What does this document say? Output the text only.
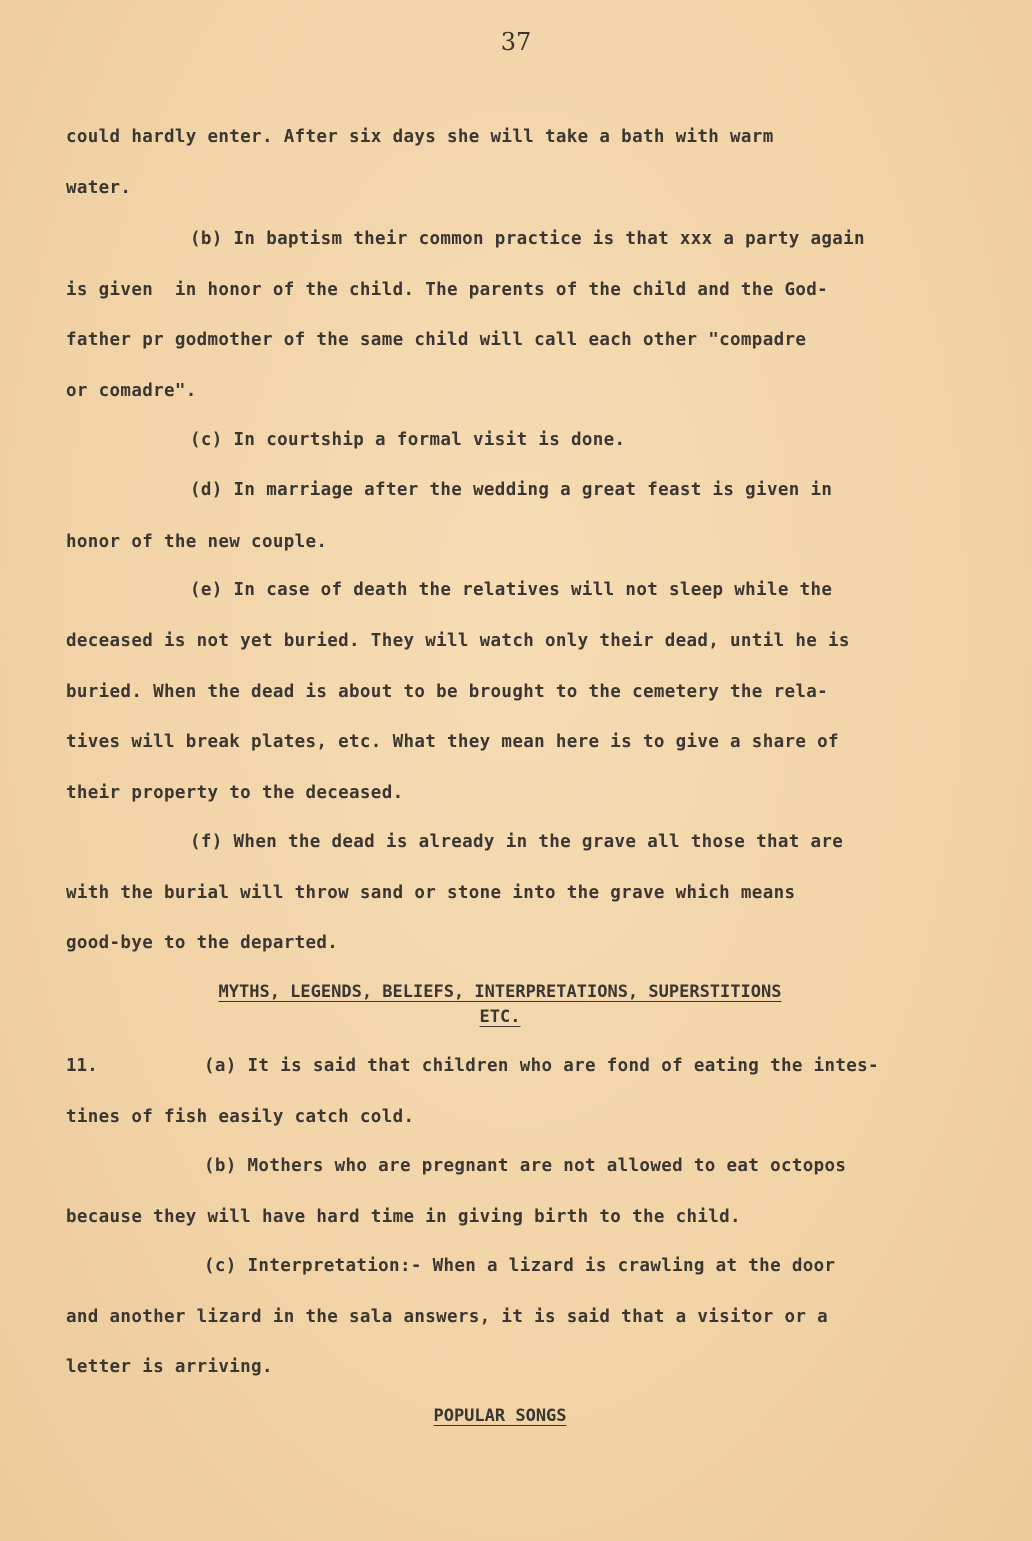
37
could hardly enter. After six days she will take a bath with warm
water.
(b) In baptism their common practice is that xxx a party again
is given  in honor of the child. The parents of the child and the God-
father pr godmother of the same child will call each other "compadre
or comadre".
(c) In courtship a formal visit is done.
(d) In marriage after the wedding a great feast is given in
honor of the new couple.
(e) In case of death the relatives will not sleep while the
deceased is not yet buried. They will watch only their dead, until he is
buried. When the dead is about to be brought to the cemetery the rela-
tives will break plates, etc. What they mean here is to give a share of
their property to the deceased.
(f) When the dead is already in the grave all those that are
with the burial will throw sand or stone into the grave which means
good-bye to the departed.
MYTHS, LEGENDS, BELIEFS, INTERPRETATIONS, SUPERSTITIONS
ETC.
11.	(a) It is said that children who are fond of eating the intes-
tines of fish easily catch cold.
(b) Mothers who are pregnant are not allowed to eat octopos
because they will have hard time in giving birth to the child.
(c) Interpretation:- When a lizard is crawling at the door
and another lizard in the sala answers, it is said that a visitor or a
letter is arriving.
POPULAR SONGS
